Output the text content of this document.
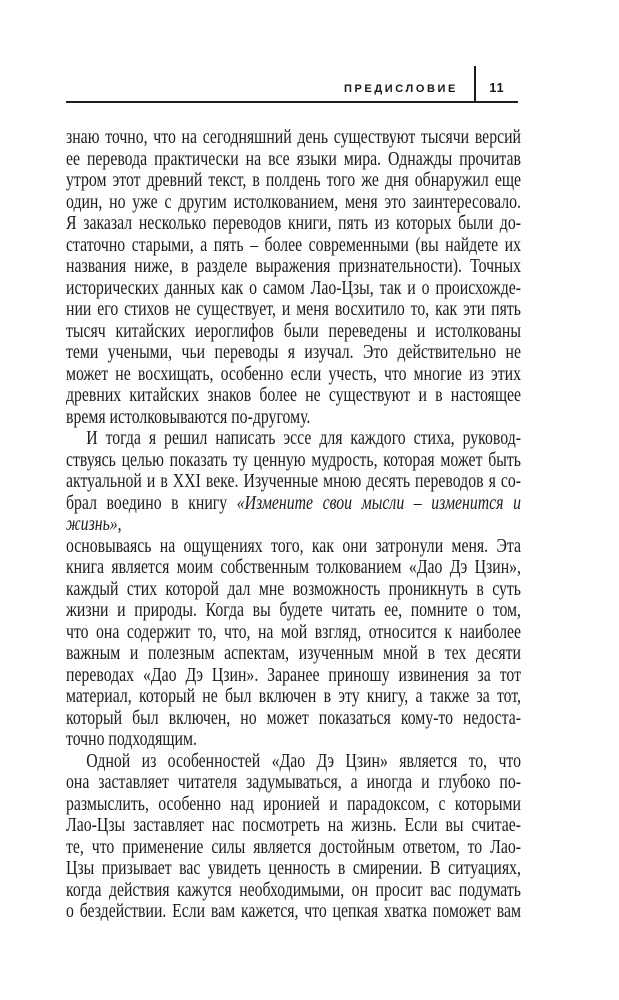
ПРЕДИСЛОВИЕ	11
знаю точно, что на сегодняшний день существуют тысячи версий
ее перевода практически на все языки мира. Однажды прочитав
утром этот древний текст, в полдень того же дня обнаружил еще
один, но уже с другим истолкованием, меня это заинтересовало.
Я заказал несколько переводов книги, пять из которых были до-
статочно старыми, а пять – более современными (вы найдете их
названия ниже, в разделе выражения признательности). Точных
исторических данных как о самом Лао-Цзы, так и о происхожде-
нии его стихов не существует, и меня восхитило то, как эти пять
тысяч китайских иероглифов были переведены и истолкованы
теми учеными, чьи переводы я изучал. Это действительно не
может не восхищать, особенно если учесть, что многие из этих
древних китайских знаков более не существуют и в настоящее
время истолковываются по-другому.
И тогда я решил написать эссе для каждого стиха, руковод-
ствуясь целью показать ту ценную мудрость, которая может быть
актуальной и в XXI веке. Изученные мною десять переводов я со-
брал воедино в книгу «Измените свои мысли – изменится и жизнь»,
основываясь на ощущениях того, как они затронули меня. Эта
книга является моим собственным толкованием «Дао Дэ Цзин»,
каждый стих которой дал мне возможность проникнуть в суть
жизни и природы. Когда вы будете читать ее, помните о том,
что она содержит то, что, на мой взгляд, относится к наиболее
важным и полезным аспектам, изученным мной в тех десяти
переводах «Дао Дэ Цзин». Заранее приношу извинения за тот
материал, который не был включен в эту книгу, а также за тот,
который был включен, но может показаться кому-то недоста-
точно подходящим.
Одной из особенностей «Дао Дэ Цзин» является то, что
она заставляет читателя задумываться, а иногда и глубоко по-
размыслить, особенно над иронией и парадоксом, с которыми
Лао-Цзы заставляет нас посмотреть на жизнь. Если вы считае-
те, что применение силы является достойным ответом, то Лао-
Цзы призывает вас увидеть ценность в смирении. В ситуациях,
когда действия кажутся необходимыми, он просит вас подумать
о бездействии. Если вам кажется, что цепкая хватка поможет вам
